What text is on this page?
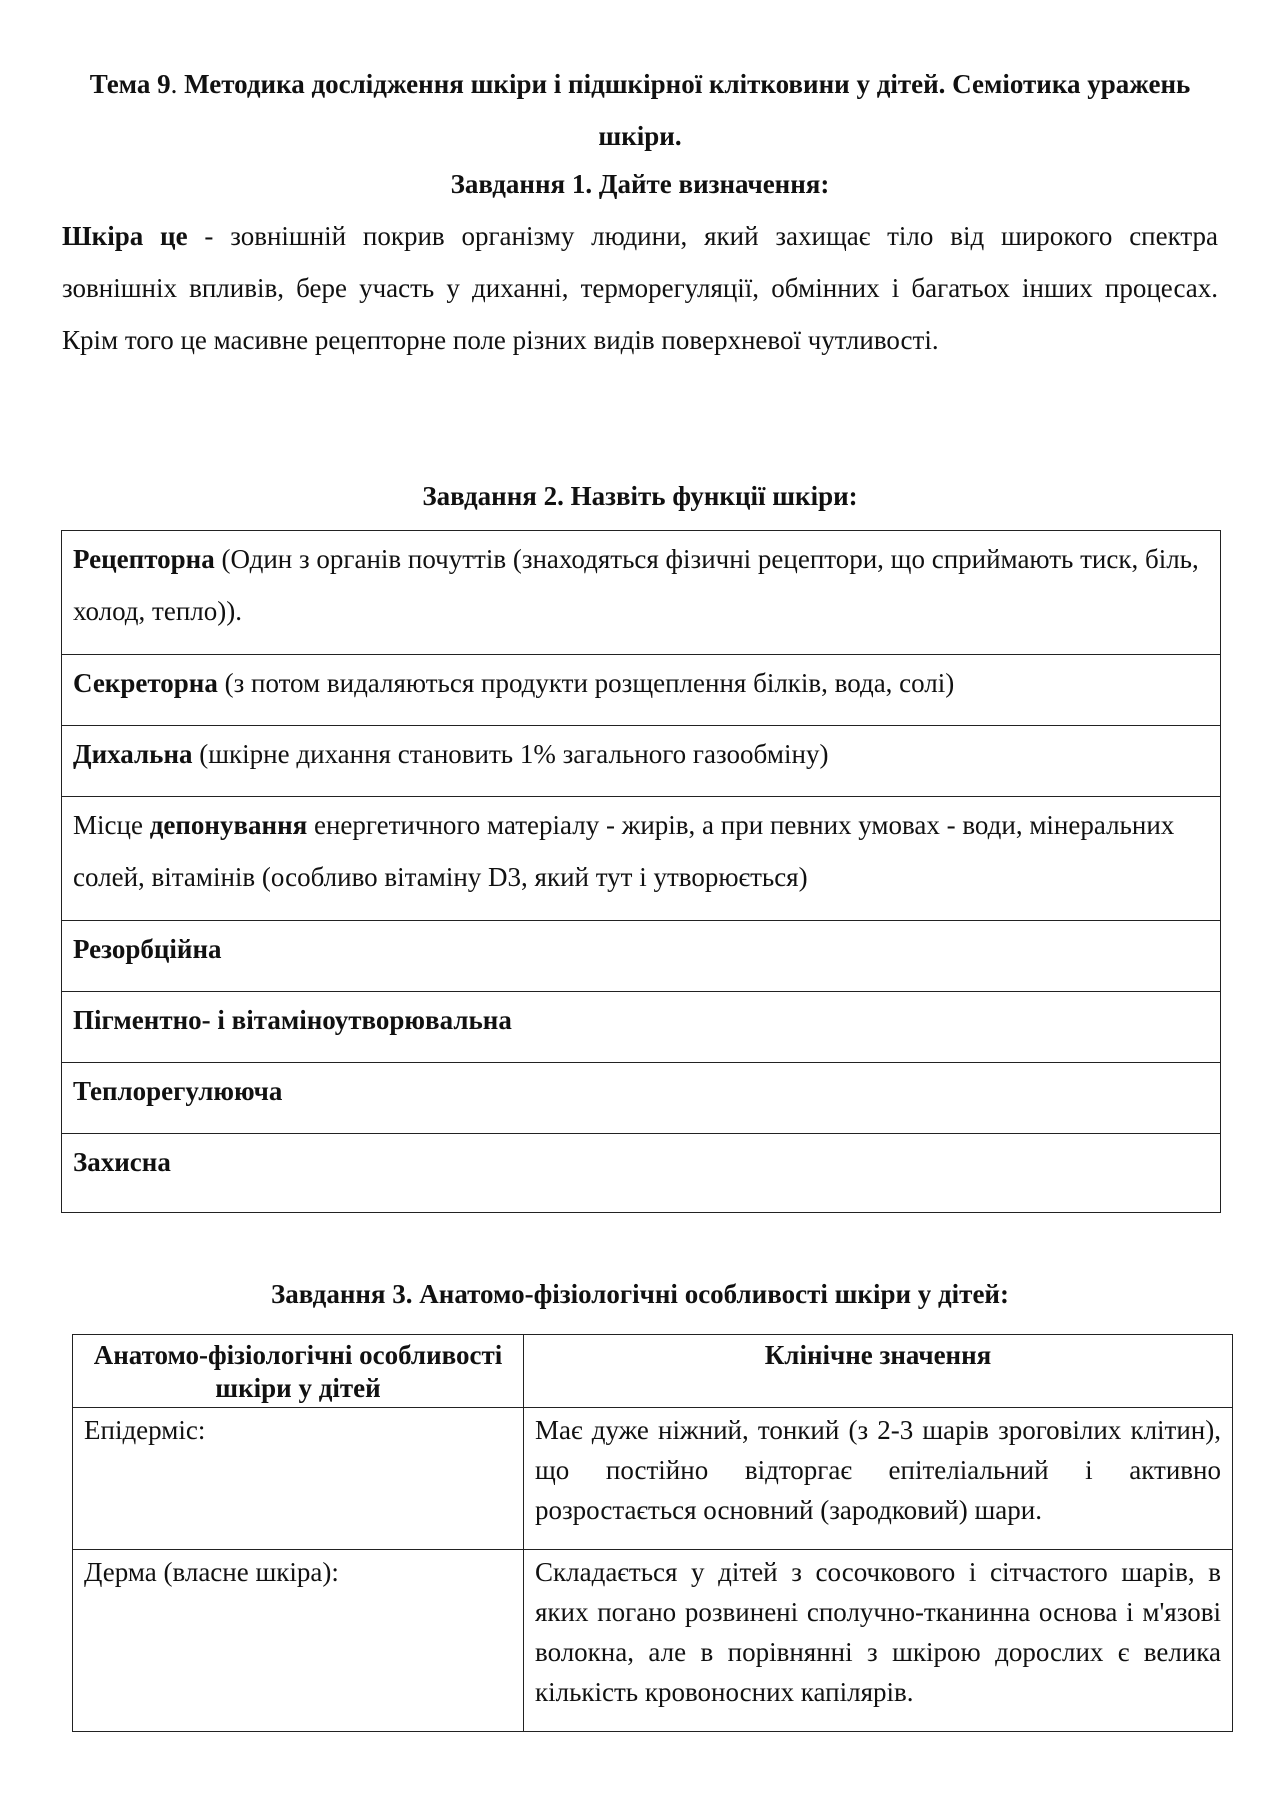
Тема 9. Методика дослідження шкіри і підшкірної клітковини у дітей. Семіотика уражень шкіри.
Завдання 1. Дайте визначення:
Шкіра це - зовнішній покрив організму людини, який захищає тіло від широкого спектра зовнішніх впливів, бере участь у диханні, терморегуляції, обмінних і багатьох інших процесах. Крім того це масивне рецепторне поле різних видів поверхневої чутливості.
Завдання 2. Назвіть функції шкіри:
Рецепторна (Один з органів почуттів (знаходяться фізичні рецептори, що сприймають тиск, біль, холод, тепло)).
Секреторна (з потом видаляються продукти розщеплення білків, вода, солі)
Дихальна (шкірне дихання становить 1% загального газообміну)
Місце депонування енергетичного матеріалу - жирів, а при певних умовах - води, мінеральних солей, вітамінів (особливо вітаміну D3, який тут і утворюється)
Резорбційна
Пігментно- і вітаміноутворювальна
Теплорегулююча
Захисна
Завдання 3. Анатомо-фізіологічні особливості шкіри у дітей:
Анатомо-фізіологічні особливості шкіри у дітей	Клінічне значення
Епідерміс:	Має дуже ніжний, тонкий (з 2-3 шарів зроговілих клітин), що постійно відторгає епітеліальний і активно розростається основний (зародковий) шари.
Дерма (власне шкіра):	Складається у дітей з сосочкового і сітчастого шарів, в яких погано розвинені сполучно-тканинна основа і м'язові волокна, але в порівнянні з шкірою дорослих є велика кількість кровоносних капілярів.
